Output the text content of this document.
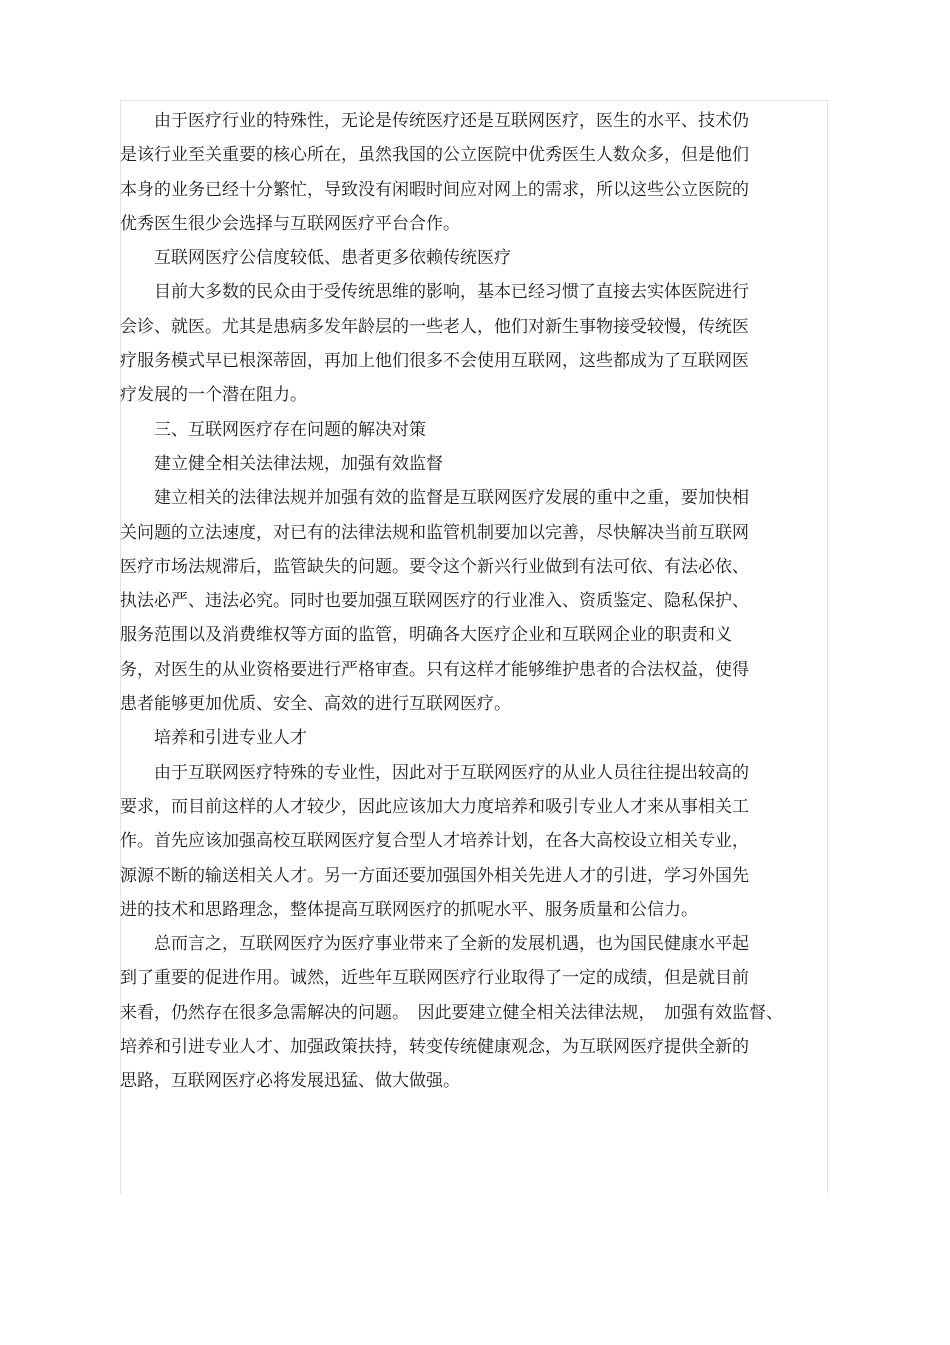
由于医疗行业的特殊性，无论是传统医疗还是互联网医疗，医生的水平、技术仍
是该行业至关重要的核心所在，虽然我国的公立医院中优秀医生人数众多，但是他们
本身的业务已经十分繁忙，导致没有闲暇时间应对网上的需求，所以这些公立医院的
优秀医生很少会选择与互联网医疗平台合作。
互联网医疗公信度较低、患者更多依赖传统医疗
目前大多数的民众由于受传统思维的影响，基本已经习惯了直接去实体医院进行
会诊、就医。尤其是患病多发年龄层的一些老人，他们对新生事物接受较慢，传统医
疗服务模式早已根深蒂固，再加上他们很多不会使用互联网，这些都成为了互联网医
疗发展的一个潜在阻力。
三、互联网医疗存在问题的解决对策
建立健全相关法律法规，加强有效监督
建立相关的法律法规并加强有效的监督是互联网医疗发展的重中之重，要加快相
关问题的立法速度，对已有的法律法规和监管机制要加以完善，尽快解决当前互联网
医疗市场法规滞后，监管缺失的问题。要令这个新兴行业做到有法可依、有法必依、
执法必严、违法必究。同时也要加强互联网医疗的行业准入、资质鉴定、隐私保护、
服务范围以及消费维权等方面的监管，明确各大医疗企业和互联网企业的职责和义
务，对医生的从业资格要进行严格审查。只有这样才能够维护患者的合法权益，使得
患者能够更加优质、安全、高效的进行互联网医疗。
培养和引进专业人才
由于互联网医疗特殊的专业性，因此对于互联网医疗的从业人员往往提出较高的
要求，而目前这样的人才较少，因此应该加大力度培养和吸引专业人才来从事相关工
作。首先应该加强高校互联网医疗复合型人才培养计划，在各大高校设立相关专业，
源源不断的输送相关人才。另一方面还要加强国外相关先进人才的引进，学习外国先
进的技术和思路理念，整体提高互联网医疗的抓呢水平、服务质量和公信力。
总而言之，互联网医疗为医疗事业带来了全新的发展机遇，也为国民健康水平起
到了重要的促进作用。诚然，近些年互联网医疗行业取得了一定的成绩，但是就目前
来看，仍然存在很多急需解决的问题。　因此要建立健全相关法律法规，　加强有效监督、
培养和引进专业人才、加强政策扶持，转变传统健康观念，为互联网医疗提供全新的
思路，互联网医疗必将发展迅猛、做大做强。
